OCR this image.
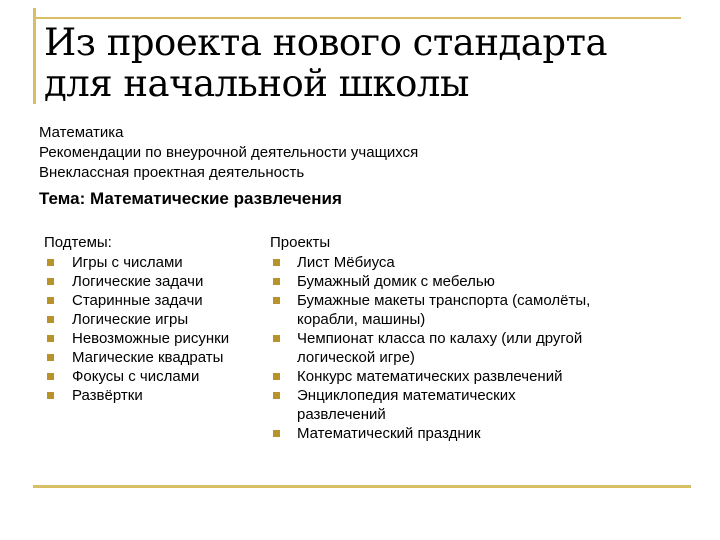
Из проекта нового стандарта для начальной школы
Математика
Рекомендации по внеурочной деятельности учащихся
Внеклассная проектная деятельность
Тема: Математические развлечения
Подтемы:
Игры с числами
Логические задачи
Старинные задачи
Логические игры
Невозможные рисунки
Магические квадраты
Фокусы с числами
Развёртки
Проекты
Лист Мёбиуса
Бумажный домик с мебелью
Бумажные макеты транспорта (самолёты, корабли, машины)
Чемпионат класса по калаху (или другой логической игре)
Конкурс математических развлечений
Энциклопедия математических развлечений
Математический праздник
